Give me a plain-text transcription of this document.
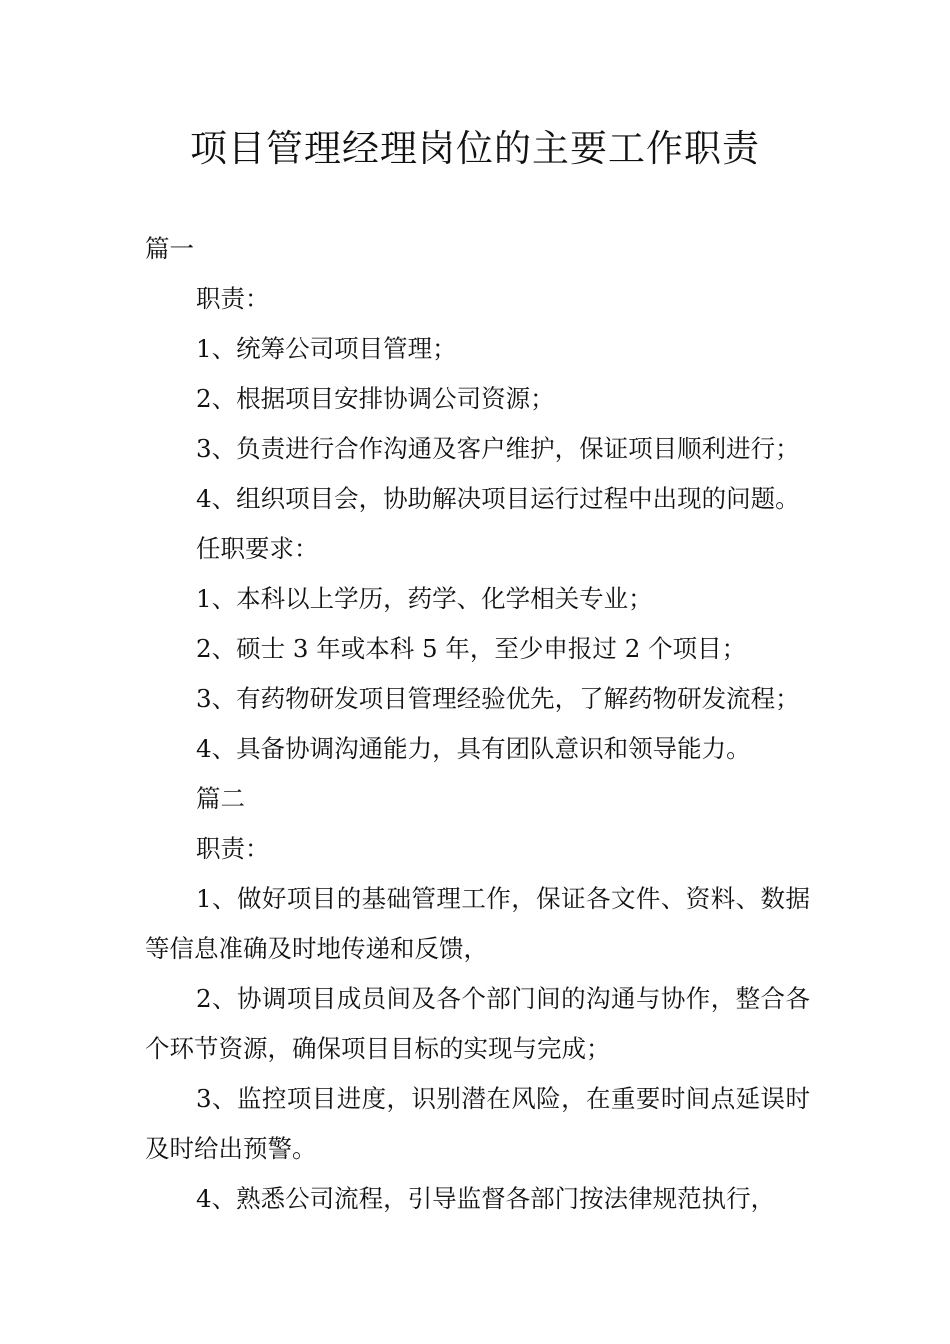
项目管理经理岗位的主要工作职责

篇一

职责：

1、统筹公司项目管理；

2、根据项目安排协调公司资源；

3、负责进行合作沟通及客户维护，保证项目顺利进行；

4、组织项目会，协助解决项目运行过程中出现的问题。

任职要求：

1、本科以上学历，药学、化学相关专业；

2、硕士 3 年或本科 5 年，至少申报过 2 个项目；

3、有药物研发项目管理经验优先，了解药物研发流程；

4、具备协调沟通能力，具有团队意识和领导能力。

篇二

职责：

1、做好项目的基础管理工作，保证各文件、资料、数据等信息准确及时地传递和反馈，

2、协调项目成员间及各个部门间的沟通与协作，整合各个环节资源，确保项目目标的实现与完成；

3、监控项目进度，识别潜在风险，在重要时间点延误时及时给出预警。

4、熟悉公司流程，引导监督各部门按法律规范执行，
